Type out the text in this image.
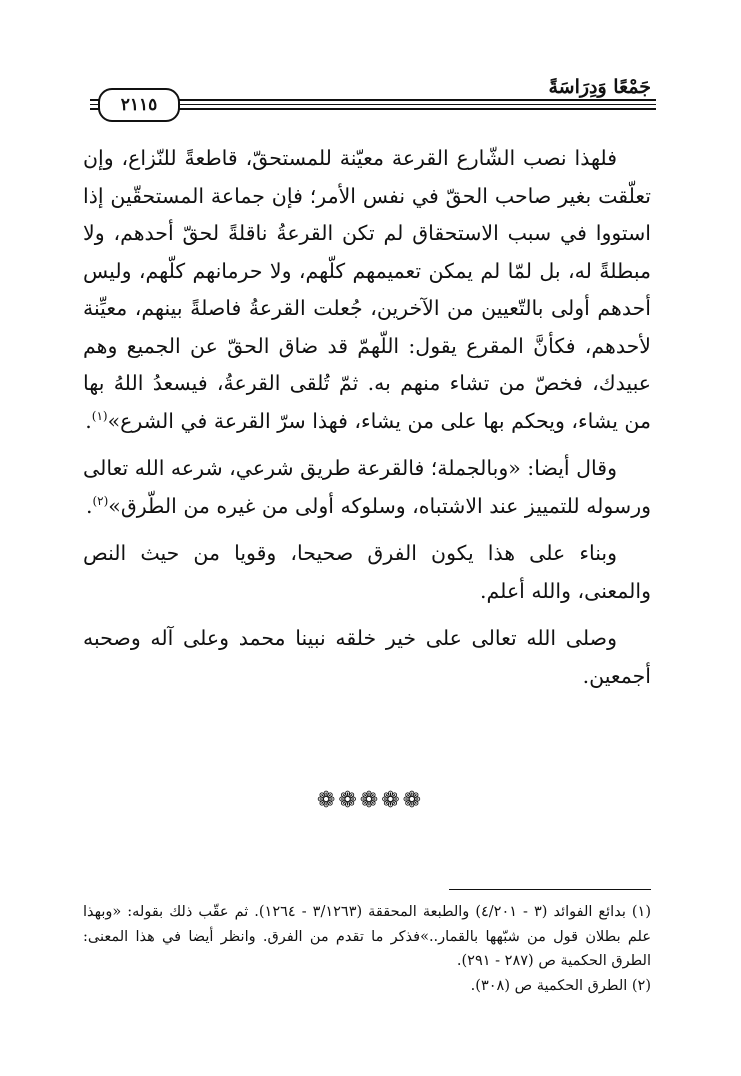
جَمْعًا وَدِرَاسَةً
٢١١٥

فلهذا نصب الشّارع القرعة معيّنة للمستحقّ، قاطعةً للنّزاع، وإن تعلّقت بغير صاحب الحقّ في نفس الأمر؛ فإن جماعة المستحقّين إذا استووا في سبب الاستحقاق لم تكن القرعةُ ناقلةً لحقّ أحدهم، ولا مبطلةً له، بل لمّا لم يمكن تعميمهم كلّهم، ولا حرمانهم كلّهم، وليس أحدهم أولى بالتّعيين من الآخرين، جُعلت القرعةُ فاصلةً بينهم، معيِّنة لأحدهم، فكأنَّ المقرع يقول: اللّهمّ قد ضاق الحقّ عن الجميع وهم عبيدك، فخصّ من تشاء منهم به. ثمّ تُلقى القرعةُ، فيسعدُ اللهُ بها من يشاء، ويحكم بها على من يشاء، فهذا سرّ القرعة في الشرع»$^{(١)}$.

وقال أيضا: «وبالجملة؛ فالقرعة طريق شرعي، شرعه الله تعالى ورسوله للتمييز عند الاشتباه، وسلوكه أولى من غيره من الطّرق»$^{(٢)}$.

وبناء على هذا يكون الفرق صحيحا، وقويا من حيث النص والمعنى، والله أعلم.

وصلى الله تعالى على خير خلقه نبينا محمد وعلى آله وصحبه أجمعين.

❁❁❁❁❁

(١) بدائع الفوائد (٣ - ٤/٢٠١) والطبعة المحققة (٣/١٢٦٣ - ١٢٦٤). ثم عقّب ذلك بقوله: «وبهذا علم بطلان قول من شبّهها بالقمار..»فذكر ما تقدم من الفرق. وانظر أيضا في هذا المعنى: الطرق الحكمية ص (٢٨٧ - ٢٩١).

(٢) الطرق الحكمية ص (٣٠٨).
